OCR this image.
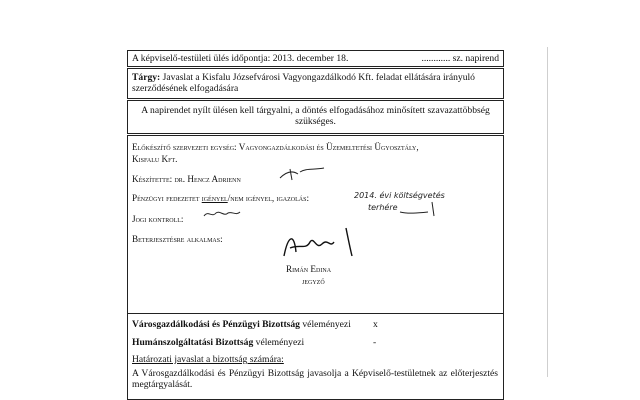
A képviselő-testületi ülés időpontja: 2013. december 18.	............ sz. napirend
Tárgy: Javaslat a Kisfalu Józsefvárosi Vagyongazdálkodó Kft. feladat ellátására irányuló szerződésének elfogadására
A napirendet nyílt ülésen kell tárgyalni, a döntés elfogadásához minősített szavazattöbbség szükséges.
Előkészítő szervezeti egység: Vagyongazdálkodási és Üzemeltetési Ügyosztály,
Kisfalu Kft.
Készítette: dr. Hencz Adrienn
Pénzügyi fedezetet igényel/nem igényel, igazolás:	2014. évi költségvetés
terhére
Jogi kontroll:
Beterjesztésre alkalmas:
Rimán Edina
jegyző
Városgazdálkodási és Pénzügyi Bizottság véleményezi x
Humánszolgáltatási Bizottság véleményezi	-
Határozati javaslat a bizottság számára:
A Városgazdálkodási és Pénzügyi Bizottság javasolja a Képviselő-testületnek az előterjesztés megtárgyalását.
